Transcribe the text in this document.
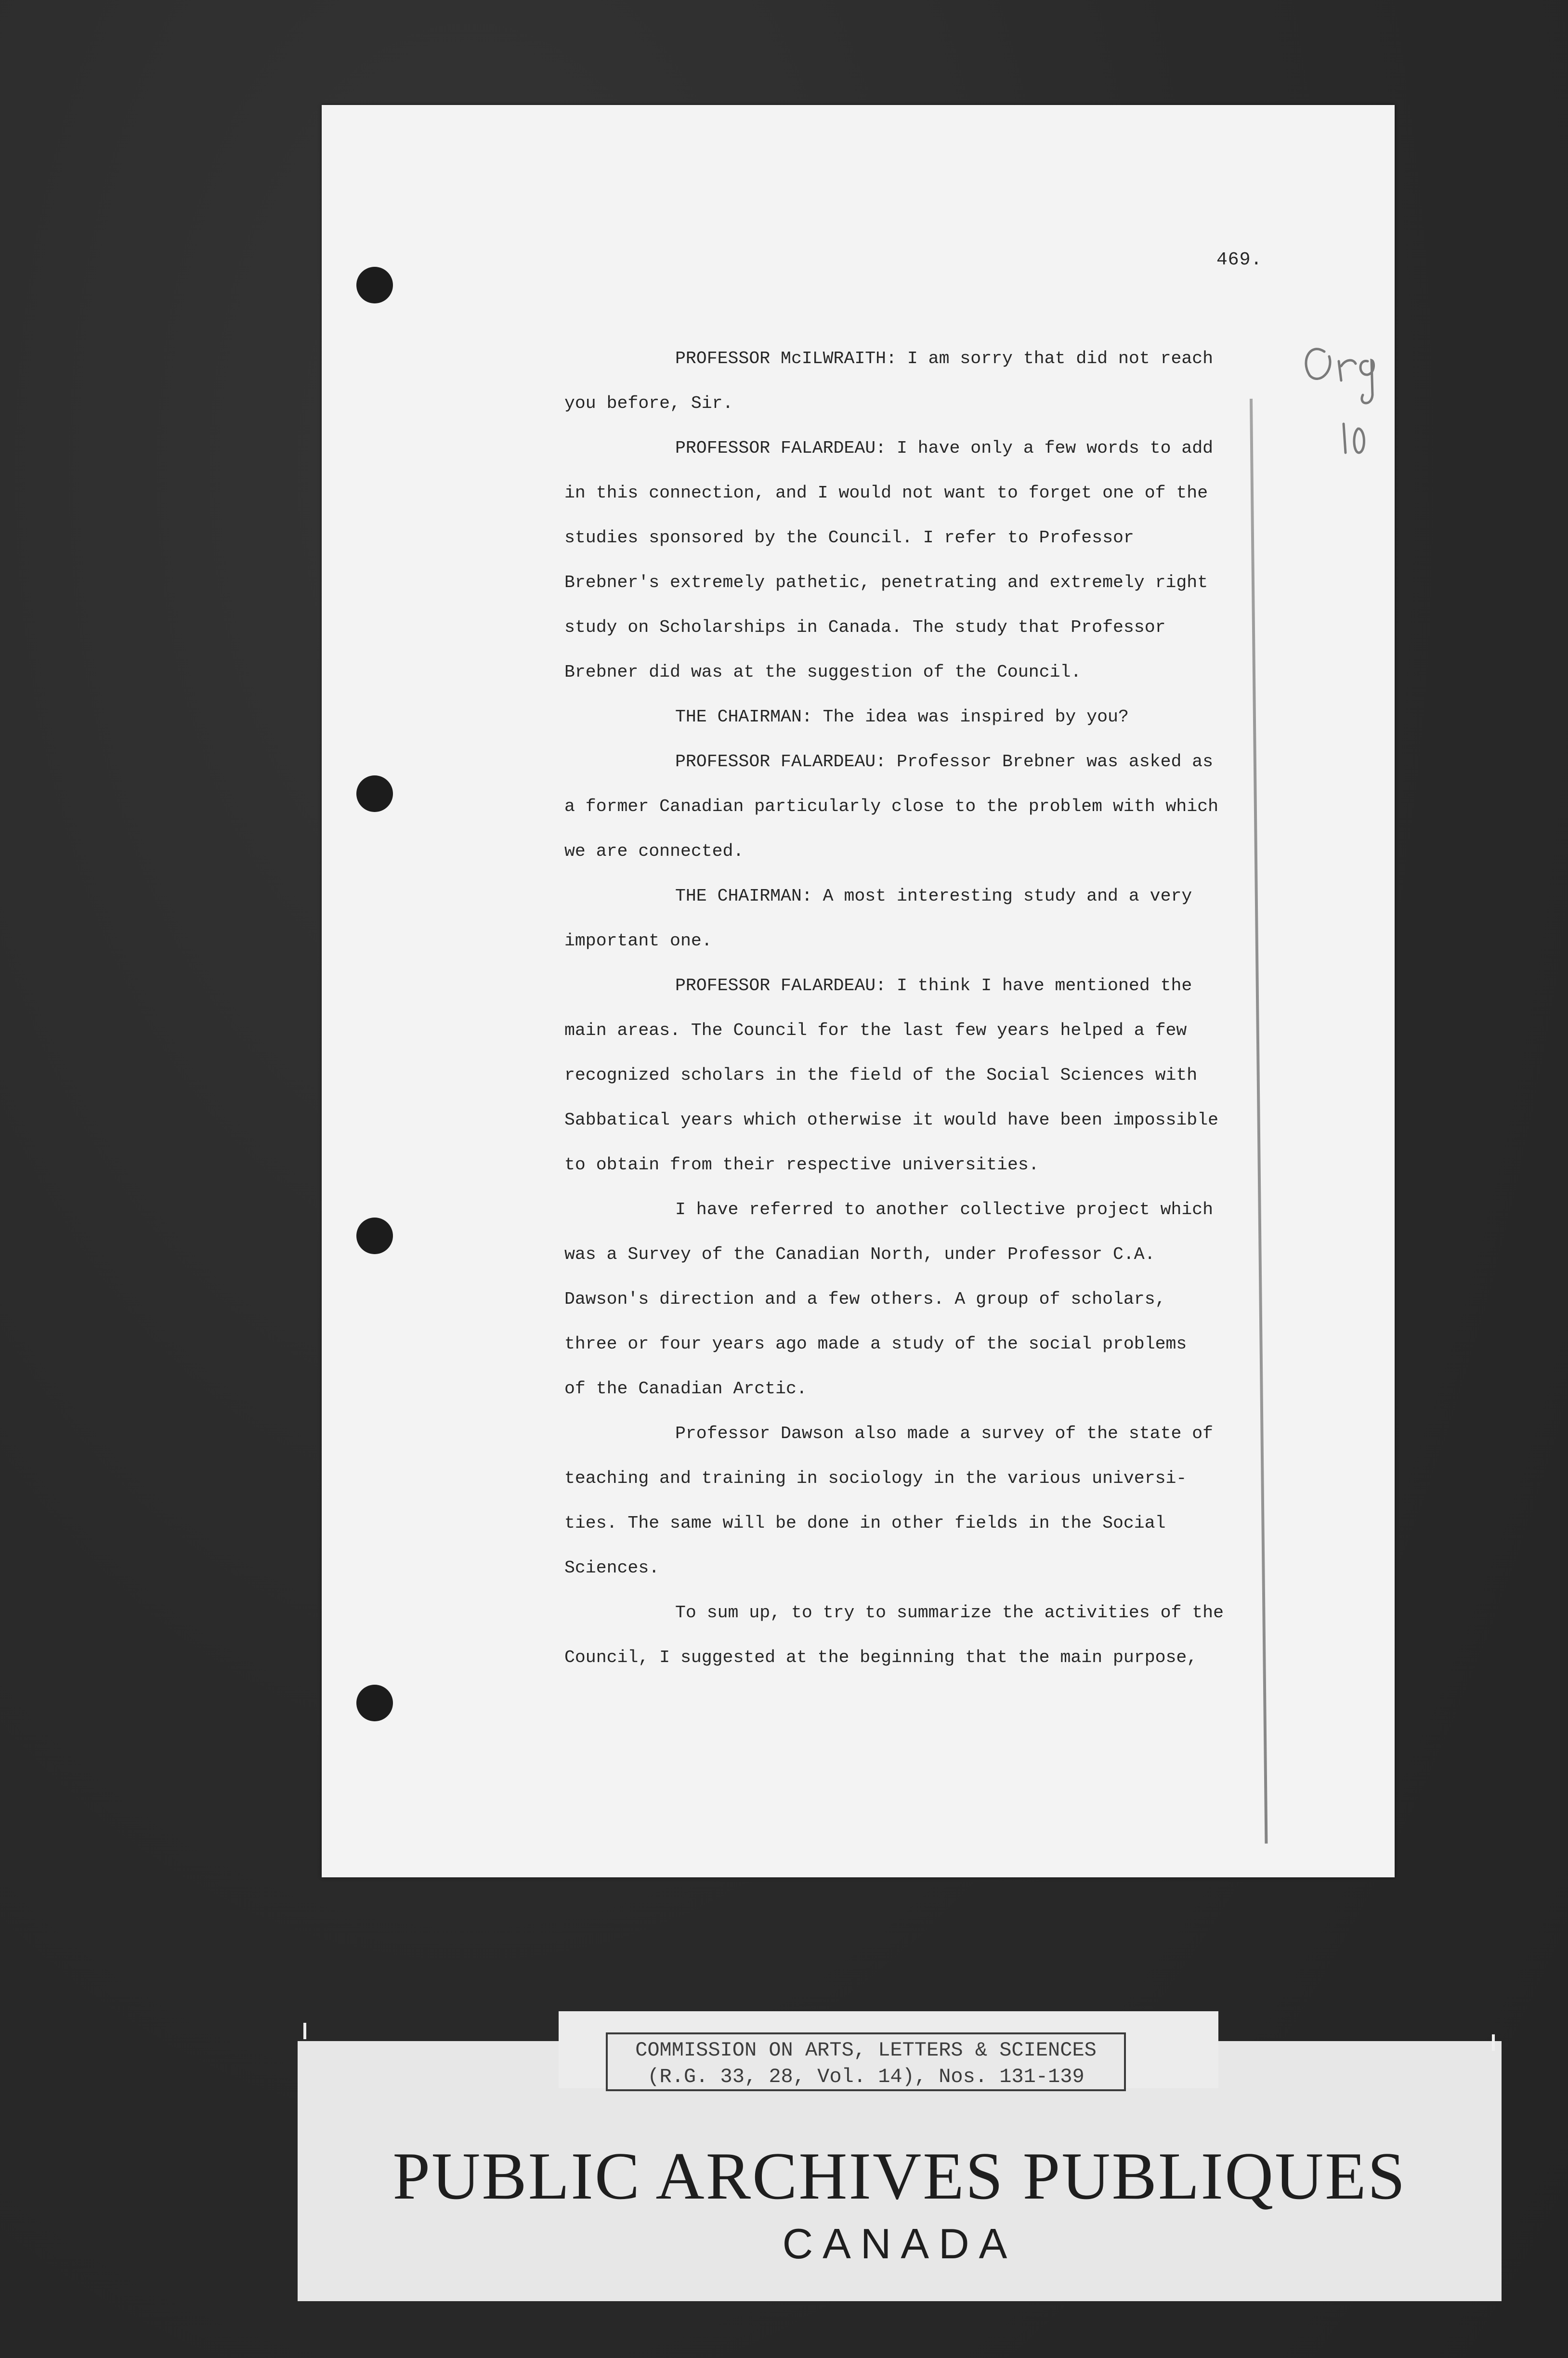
469.
PROFESSOR McILWRAITH: I am sorry that did not reach
you before, Sir.
PROFESSOR FALARDEAU: I have only a few words to add
in this connection, and I would not want to forget one of the
studies sponsored by the Council. I refer to Professor
Brebner's extremely pathetic, penetrating and extremely right
study on Scholarships in Canada. The study that Professor
Brebner did was at the suggestion of the Council.
THE CHAIRMAN: The idea was inspired by you?
PROFESSOR FALARDEAU: Professor Brebner was asked as
a former Canadian particularly close to the problem with which
we are connected.
THE CHAIRMAN: A most interesting study and a very
important one.
PROFESSOR FALARDEAU: I think I have mentioned the
main areas. The Council for the last few years helped a few
recognized scholars in the field of the Social Sciences with
Sabbatical years which otherwise it would have been impossible
to obtain from their respective universities.
I have referred to another collective project which
was a Survey of the Canadian North, under Professor C.A.
Dawson's direction and a few others. A group of scholars,
three or four years ago made a study of the social problems
of the Canadian Arctic.
Professor Dawson also made a survey of the state of
teaching and training in sociology in the various universi-
ties. The same will be done in other fields in the Social
Sciences.
To sum up, to try to summarize the activities of the
Council, I suggested at the beginning that the main purpose,
COMMISSION ON ARTS, LETTERS & SCIENCES
(R.G. 33, 28, Vol. 14), Nos. 131-139
PUBLIC ARCHIVES PUBLIQUES
CANADA
